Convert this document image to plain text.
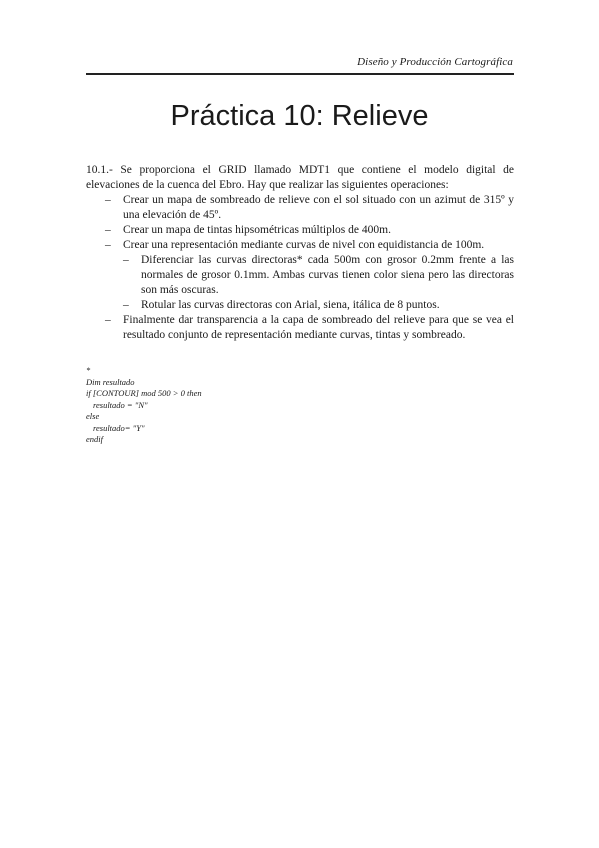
Diseño y Producción Cartográfica
Práctica 10: Relieve

10.1.- Se proporciona el GRID llamado MDT1 que contiene el modelo digital de elevaciones de la cuenca del Ebro. Hay que realizar las siguientes operaciones:

– Crear un mapa de sombreado de relieve con el sol situado con un azimut de 315º y una elevación de 45º.
– Crear un mapa de tintas hipsométricas múltiplos de 400m.
– Crear una representación mediante curvas de nivel con equidistancia de 100m.
– Diferenciar las curvas directoras* cada 500m con grosor 0.2mm frente a las normales de grosor 0.1mm. Ambas curvas tienen color siena pero las directoras son más oscuras.
– Rotular las curvas directoras con Arial, siena, itálica de 8 puntos.
– Finalmente dar transparencia a la capa de sombreado del relieve para que se vea el resultado conjunto de representación mediante curvas, tintas y sombreado.
*
Dim resultado
if [CONTOUR] mod 500 > 0 then
resultado = "N"
else
resultado= "Y"
endif
